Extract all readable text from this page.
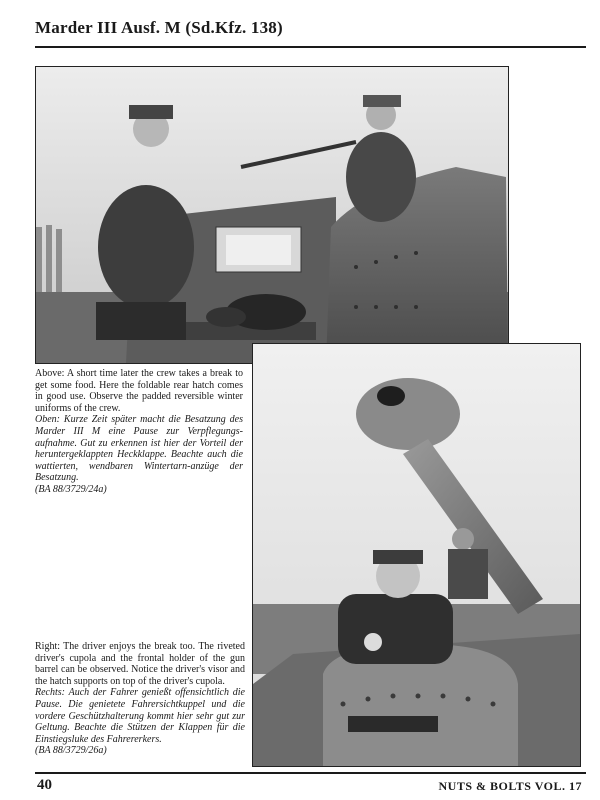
Marder III Ausf. M (Sd.Kfz. 138)

Above: A short time later the crew takes a break to get some food. Here the foldable rear hatch comes in good use. Observe the padded reversible winter uniforms of the crew.

Oben: Kurze Zeit später macht die Besatzung des Marder III M eine Pause zur Verpflegungs-aufnahme. Gut zu erkennen ist hier der Vorteil der heruntergeklappten Heckklappe. Beachte auch die wattierten, wendbaren Wintertarn-anzüge der Besatzung.

(BA 88/3729/24a)

Right: The driver enjoys the break too. The riveted driver's cupola and the frontal holder of the gun barrel can be observed. Notice the driver's visor and the hatch supports on top of the driver's cupola.

Rechts: Auch der Fahrer genießt offensichtlich die Pause. Die genietete Fahrersichtkuppel und die vordere Geschützhalterung kommt hier sehr gut zur Geltung. Beachte die Stützen der Klappen für die Einstiegsluke des Fahrererkers.

(BA 88/3729/26a)

40	NUTS & BOLTS VOL. 17
